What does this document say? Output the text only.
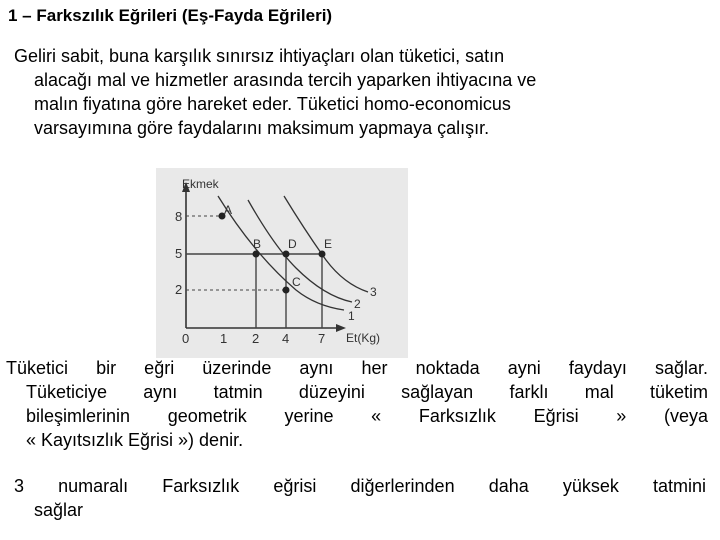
1 – Farkszılık Eğrileri (Eş-Fayda Eğrileri)
Geliri sabit, buna karşılık sınırsız ihtiyaçları olan tüketici, satın
alacağı mal ve hizmetler arasında tercih yaparken ihtiyacına ve
malın fiyatına göre hareket eder. Tüketici homo-economicus
varsayımına göre faydalarını maksimum yapmaya çalışır.
Ekmek
Et(Kg)
8
5
2
0 1 2 4 7
A
B D E
C
1
2
3
Tüketici bir eğri üzerinde aynı her noktada ayni faydayı sağlar.
Tüketiciye aynı tatmin düzeyini sağlayan farklı mal tüketim
bileşimlerinin geometrik yerine « Farksızlık Eğrisi » (veya
« Kayıtsızlık Eğrisi ») denir.
3 numaralı Farksızlık eğrisi diğerlerinden daha yüksek tatmini
sağlar
